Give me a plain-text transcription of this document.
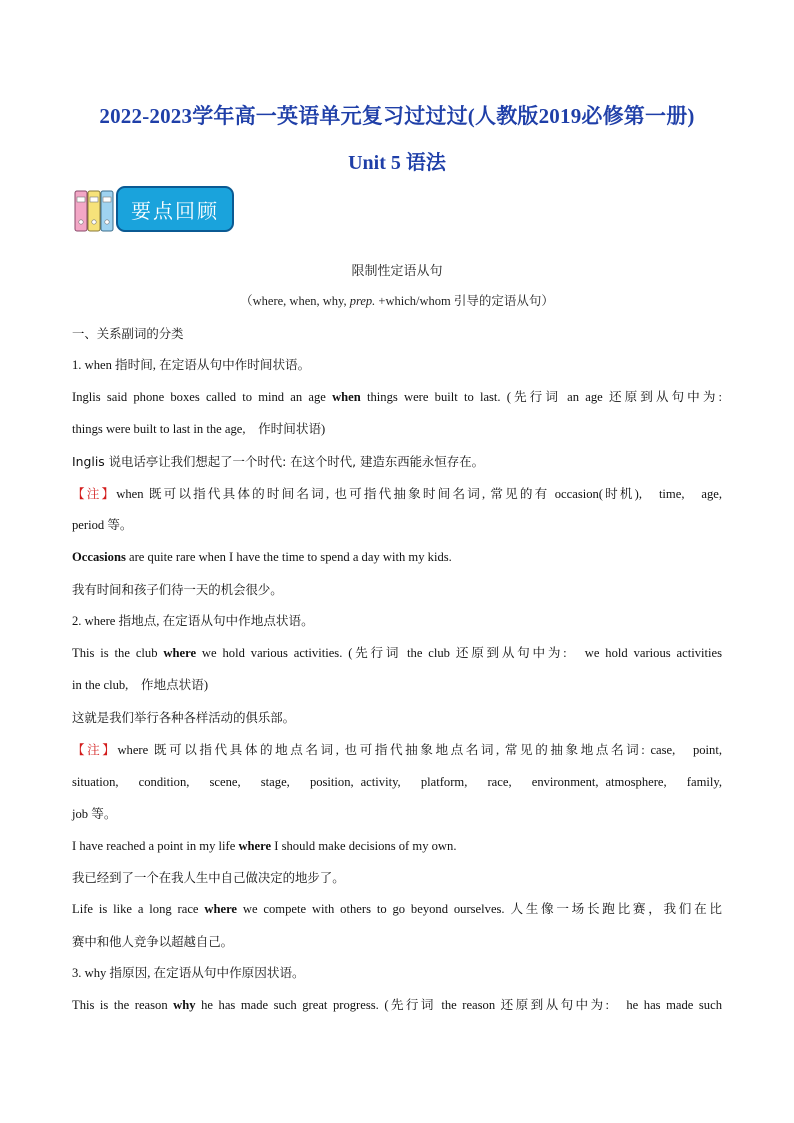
2022-2023学年高一英语单元复习过过过(人教版2019必修第一册)
Unit 5 语法
要点回顾
限制性定语从句
（where, when, why, prep. +which/whom 引导的定语从句）

一、关系副词的分类

1. when 指时间, 在定语从句中作时间状语。

Inglis said phone boxes called to mind an age when things were built to last. (先行词 an age 还原到从句中为:

things were built to last in the age,　作时间状语)

Inglis 说电话亭让我们想起了一个时代: 在这个时代, 建造东西能永恒存在。

【注】when 既可以指代具体的时间名词, 也可指代抽象时间名词, 常见的有 occasion(时机),　time,　age,

period 等。

Occasions are quite rare when I have the time to spend a day with my kids.

我有时间和孩子们待一天的机会很少。

2. where 指地点, 在定语从句中作地点状语。

This is the club where we hold various activities. (先行词 the club 还原到从句中为:　we hold various activities

in the club,　作地点状语)

这就是我们举行各种各样活动的俱乐部。

【注】where 既可以指代具体的地点名词, 也可指代抽象地点名词, 常见的抽象地点名词: case,　point,

situation,　condition,　scene,　stage,　position, activity,　platform,　race,　environment, atmosphere,　family,

job 等。

I have reached a point in my life where I should make decisions of my own.

我已经到了一个在我人生中自己做决定的地步了。

Life is like a long race where we compete with others to go beyond ourselves. 人生像一场长跑比赛，我们在比

赛中和他人竞争以超越自己。

3. why 指原因, 在定语从句中作原因状语。

This is the reason why he has made such great progress. (先行词 the reason 还原到从句中为:　he has made such
